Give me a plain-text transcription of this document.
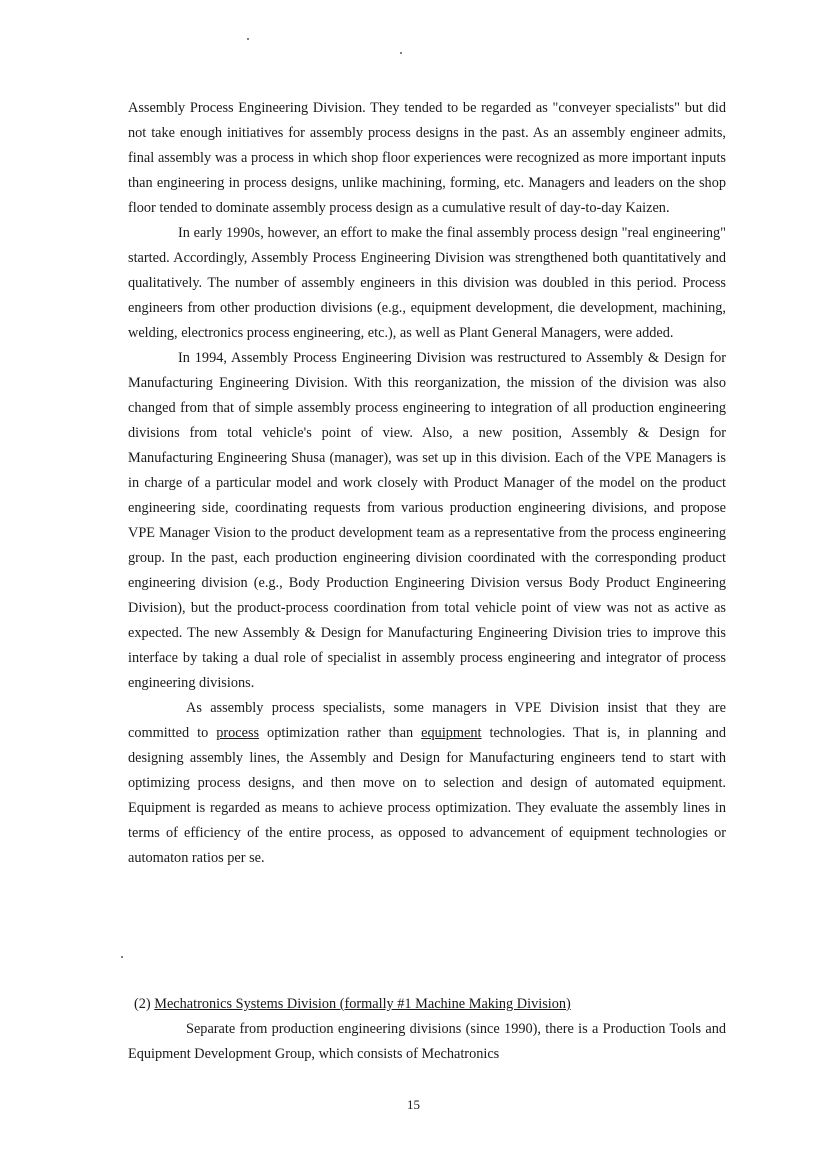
Assembly Process Engineering Division. They tended to be regarded as "conveyer specialists" but did not take enough initiatives for assembly process designs in the past. As an assembly engineer admits, final assembly was a process in which shop floor experiences were recognized as more important inputs than engineering in process designs, unlike machining, forming, etc. Managers and leaders on the shop floor tended to dominate assembly process design as a cumulative result of day-to-day Kaizen.

In early 1990s, however, an effort to make the final assembly process design "real engineering" started. Accordingly, Assembly Process Engineering Division was strengthened both quantitatively and qualitatively. The number of assembly engineers in this division was doubled in this period. Process engineers from other production divisions (e.g., equipment development, die development, machining, welding, electronics process engineering, etc.), as well as Plant General Managers, were added.

In 1994, Assembly Process Engineering Division was restructured to Assembly & Design for Manufacturing Engineering Division. With this reorganization, the mission of the division was also changed from that of simple assembly process engineering to integration of all production engineering divisions from total vehicle's point of view. Also, a new position, Assembly & Design for Manufacturing Engineering Shusa (manager), was set up in this division. Each of the VPE Managers is in charge of a particular model and work closely with Product Manager of the model on the product engineering side, coordinating requests from various production engineering divisions, and propose VPE Manager Vision to the product development team as a representative from the process engineering group. In the past, each production engineering division coordinated with the corresponding product engineering division (e.g., Body Production Engineering Division versus Body Product Engineering Division), but the product-process coordination from total vehicle point of view was not as active as expected. The new Assembly & Design for Manufacturing Engineering Division tries to improve this interface by taking a dual role of specialist in assembly process engineering and integrator of process engineering divisions.

As assembly process specialists, some managers in VPE Division insist that they are committed to process optimization rather than equipment technologies. That is, in planning and designing assembly lines, the Assembly and Design for Manufacturing engineers tend to start with optimizing process designs, and then move on to selection and design of automated equipment. Equipment is regarded as means to achieve process optimization. They evaluate the assembly lines in terms of efficiency of the entire process, as opposed to advancement of equipment technologies or automaton ratios per se.

(2) Mechatronics Systems Division (formally #1 Machine Making Division)

Separate from production engineering divisions (since 1990), there is a Production Tools and Equipment Development Group, which consists of Mechatronics

15
